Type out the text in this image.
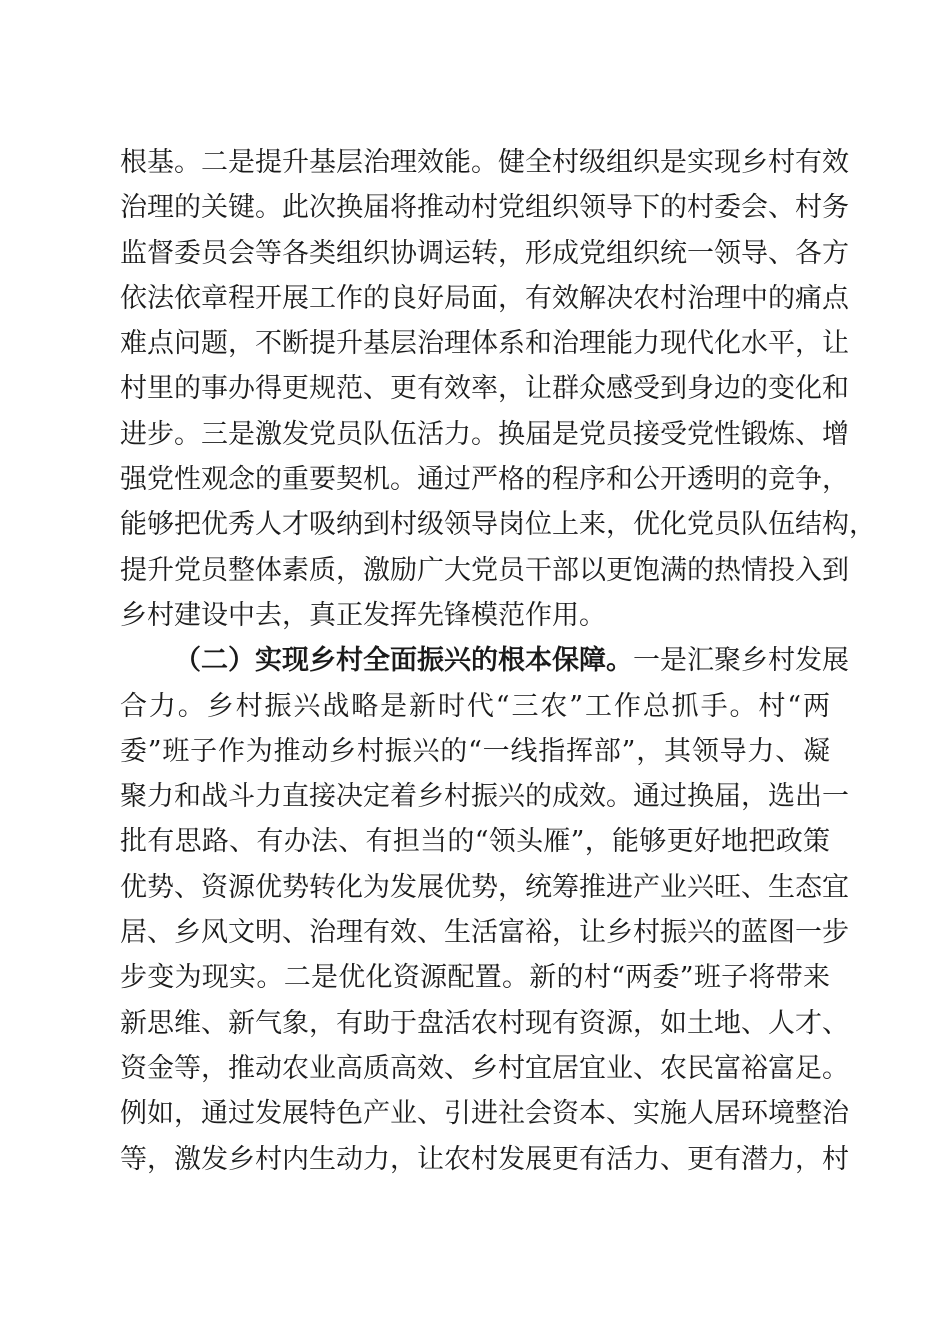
根基。二是提升基层治理效能。健全村级组织是实现乡村有效
治理的关键。此次换届将推动村党组织领导下的村委会、村务
监督委员会等各类组织协调运转，形成党组织统一领导、各方
依法依章程开展工作的良好局面，有效解决农村治理中的痛点
难点问题，不断提升基层治理体系和治理能力现代化水平，让
村里的事办得更规范、更有效率，让群众感受到身边的变化和
进步。三是激发党员队伍活力。换届是党员接受党性锻炼、增
强党性观念的重要契机。通过严格的程序和公开透明的竞争，
能够把优秀人才吸纳到村级领导岗位上来，优化党员队伍结构，
提升党员整体素质，激励广大党员干部以更饱满的热情投入到
乡村建设中去，真正发挥先锋模范作用。
（二）实现乡村全面振兴的根本保障。一是汇聚乡村发展
合力。乡村振兴战略是新时代“三农”工作总抓手。村“两
委”班子作为推动乡村振兴的“一线指挥部”，其领导力、凝
聚力和战斗力直接决定着乡村振兴的成效。通过换届，选出一
批有思路、有办法、有担当的“领头雁”，能够更好地把政策
优势、资源优势转化为发展优势，统筹推进产业兴旺、生态宜
居、乡风文明、治理有效、生活富裕，让乡村振兴的蓝图一步
步变为现实。二是优化资源配置。新的村“两委”班子将带来
新思维、新气象，有助于盘活农村现有资源，如土地、人才、
资金等，推动农业高质高效、乡村宜居宜业、农民富裕富足。
例如，通过发展特色产业、引进社会资本、实施人居环境整治
等，激发乡村内生动力，让农村发展更有活力、更有潜力，村
